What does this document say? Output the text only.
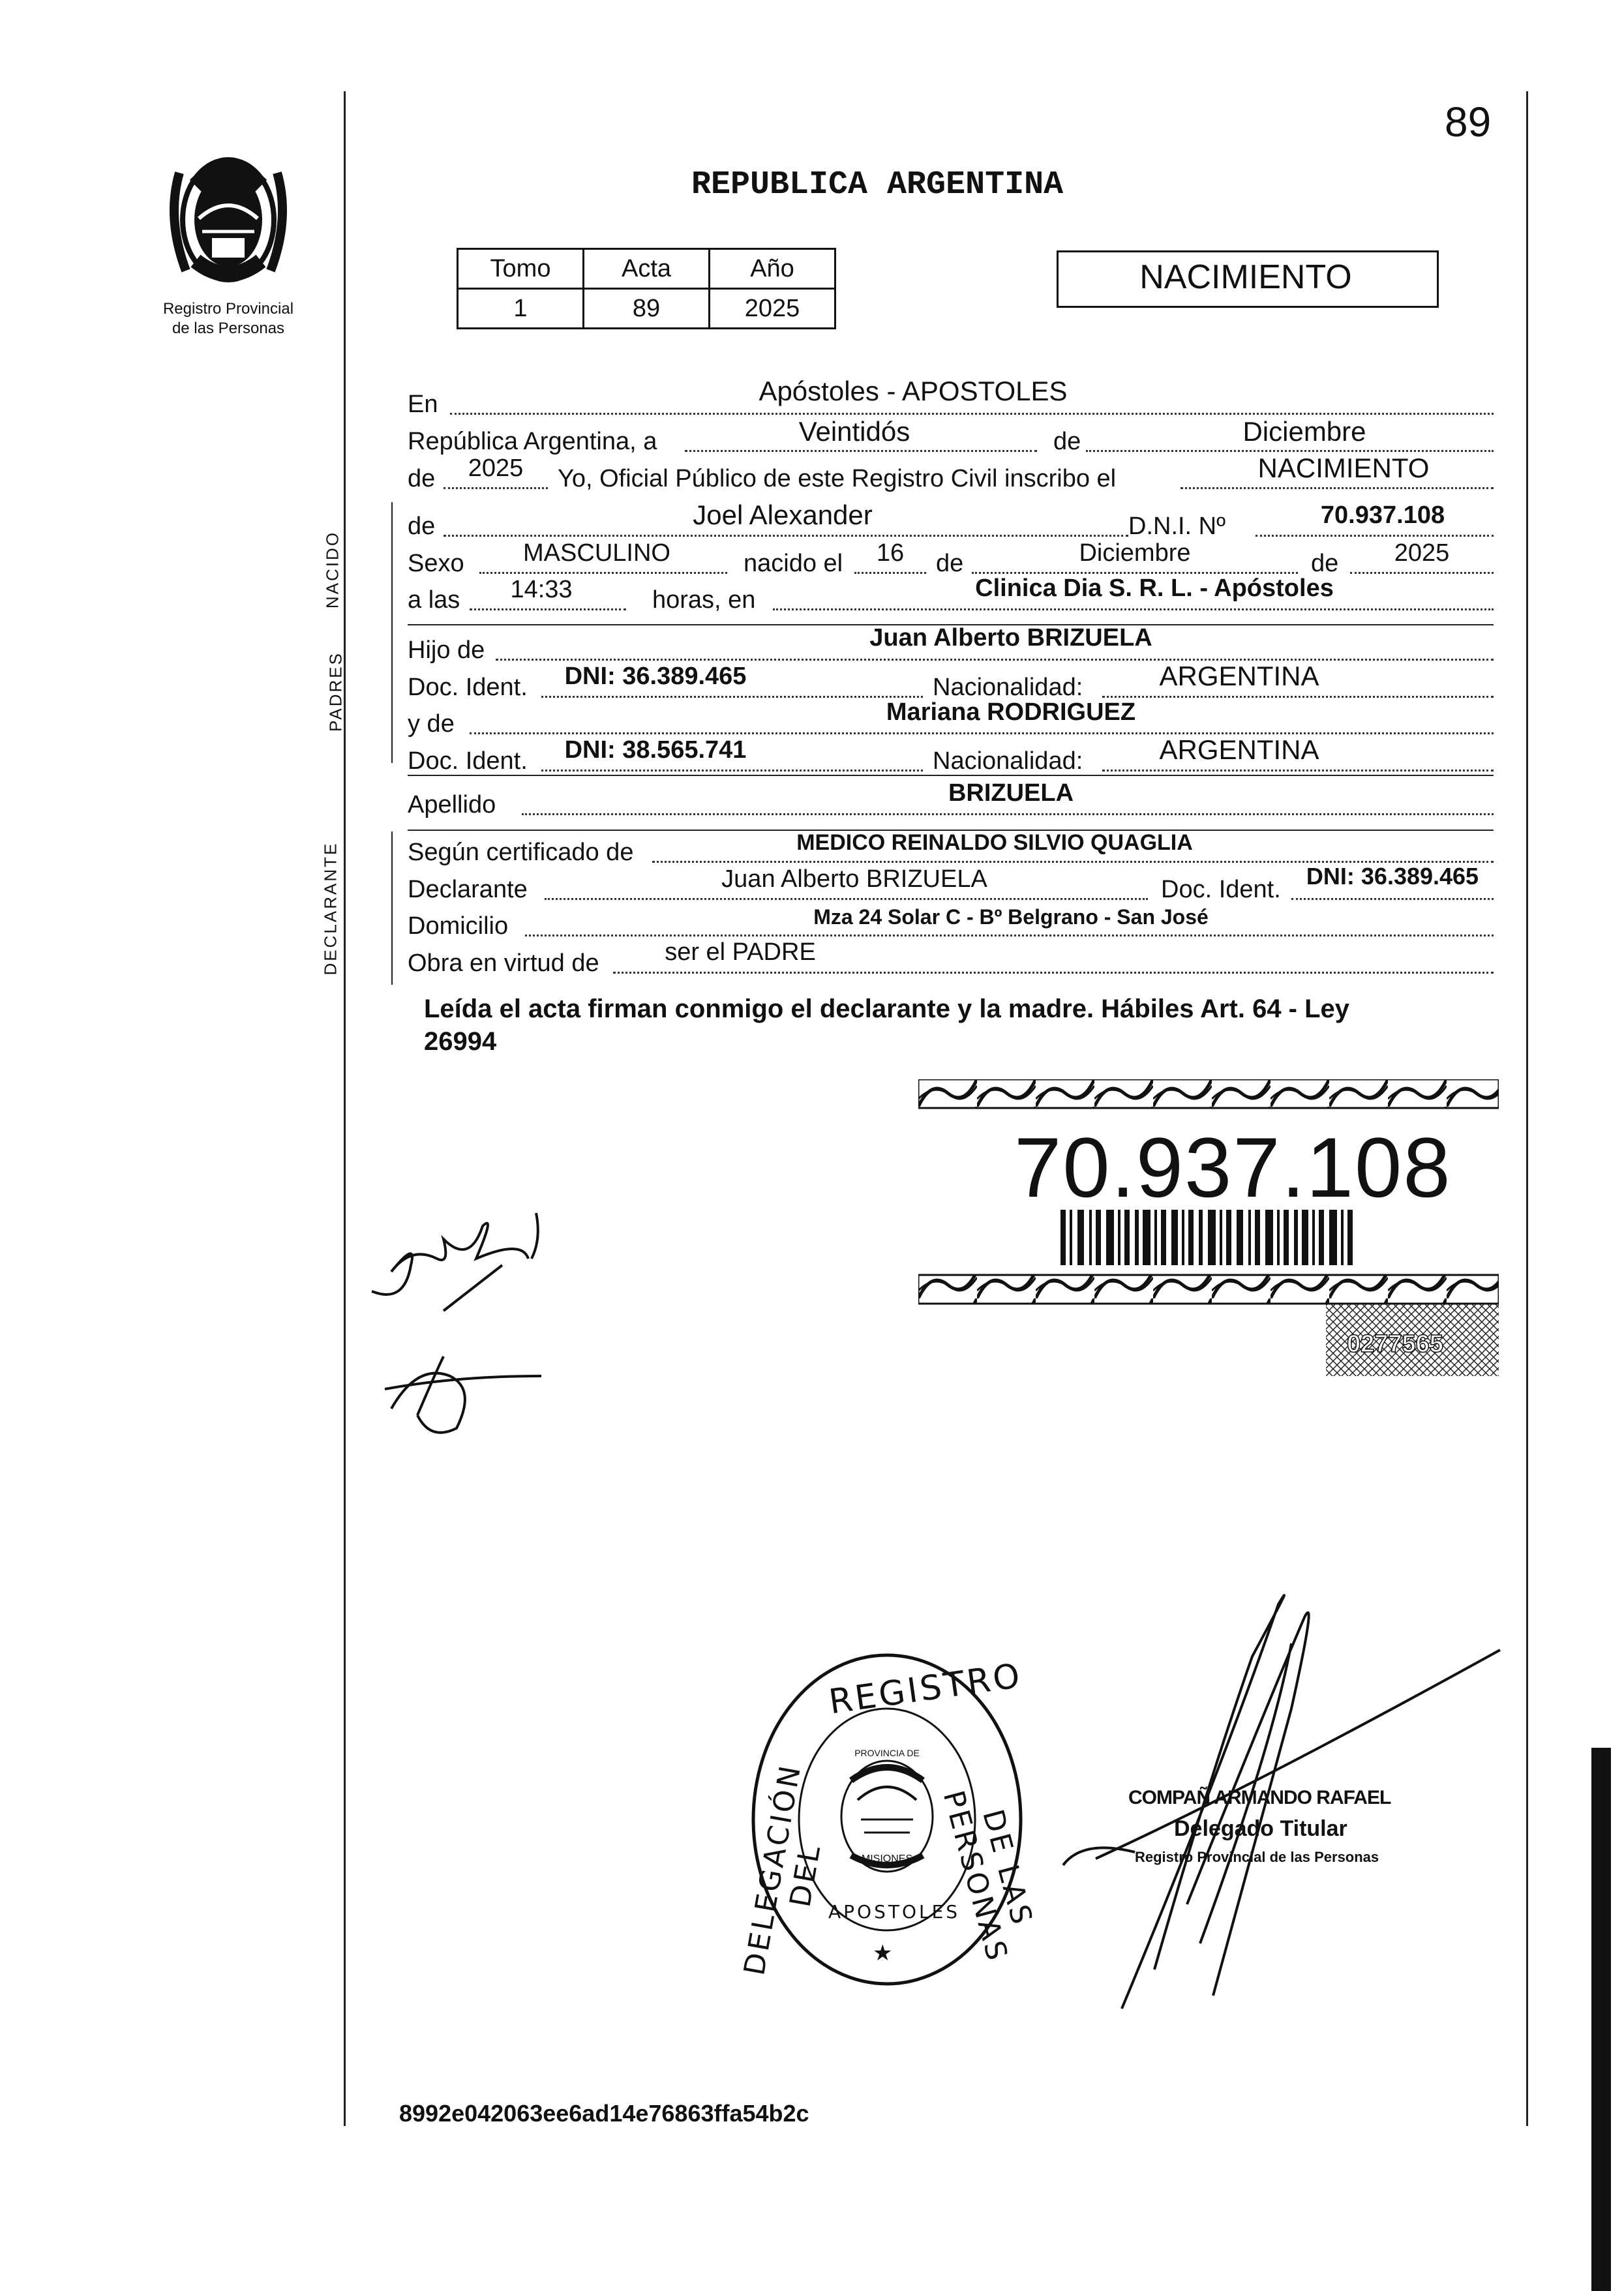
89
Registro Provincial
de las Personas
REPUBLICA ARGENTINA
Tomo	Acta	Año
1	89	2025
NACIMIENTO
NACIDO
PADRES
DECLARANTE
En	Apóstoles - APOSTOLES
República Argentina, a	Veintidós	de	Diciembre
de	2025	Yo, Oficial Público de este Registro Civil inscribo el	NACIMIENTO
de	Joel Alexander	D.N.I. Nº	70.937.108
Sexo	MASCULINO	nacido el	16	de	Diciembre	de	2025
a las	14:33	horas, en	Clinica Dia S. R. L. - Apóstoles
Hijo de	Juan Alberto BRIZUELA
Doc. Ident.	DNI: 36.389.465	Nacionalidad:	ARGENTINA
y de	Mariana RODRIGUEZ
Doc. Ident.	DNI: 38.565.741	Nacionalidad:	ARGENTINA
Apellido	BRIZUELA
Según certificado de	MEDICO REINALDO SILVIO QUAGLIA
Declarante	Juan Alberto BRIZUELA	Doc. Ident.	DNI: 36.389.465
Domicilio	Mza 24 Solar C - Bº Belgrano - San José
Obra en virtud de	ser el PADRE
Leída el acta firman conmigo el declarante y la madre. Hábiles Art. 64 - Ley
26994
70.937.108
0277565
REGISTRO
DELEGACIÓN DEL	DE LAS PERSONAS
APOSTOLES
★
PROVINCIA DE
MISIONES
COMPAÑ ARMANDO RAFAEL
Delegado Titular
Registro Provincial de las Personas
8992e042063ee6ad14e76863ffa54b2c
